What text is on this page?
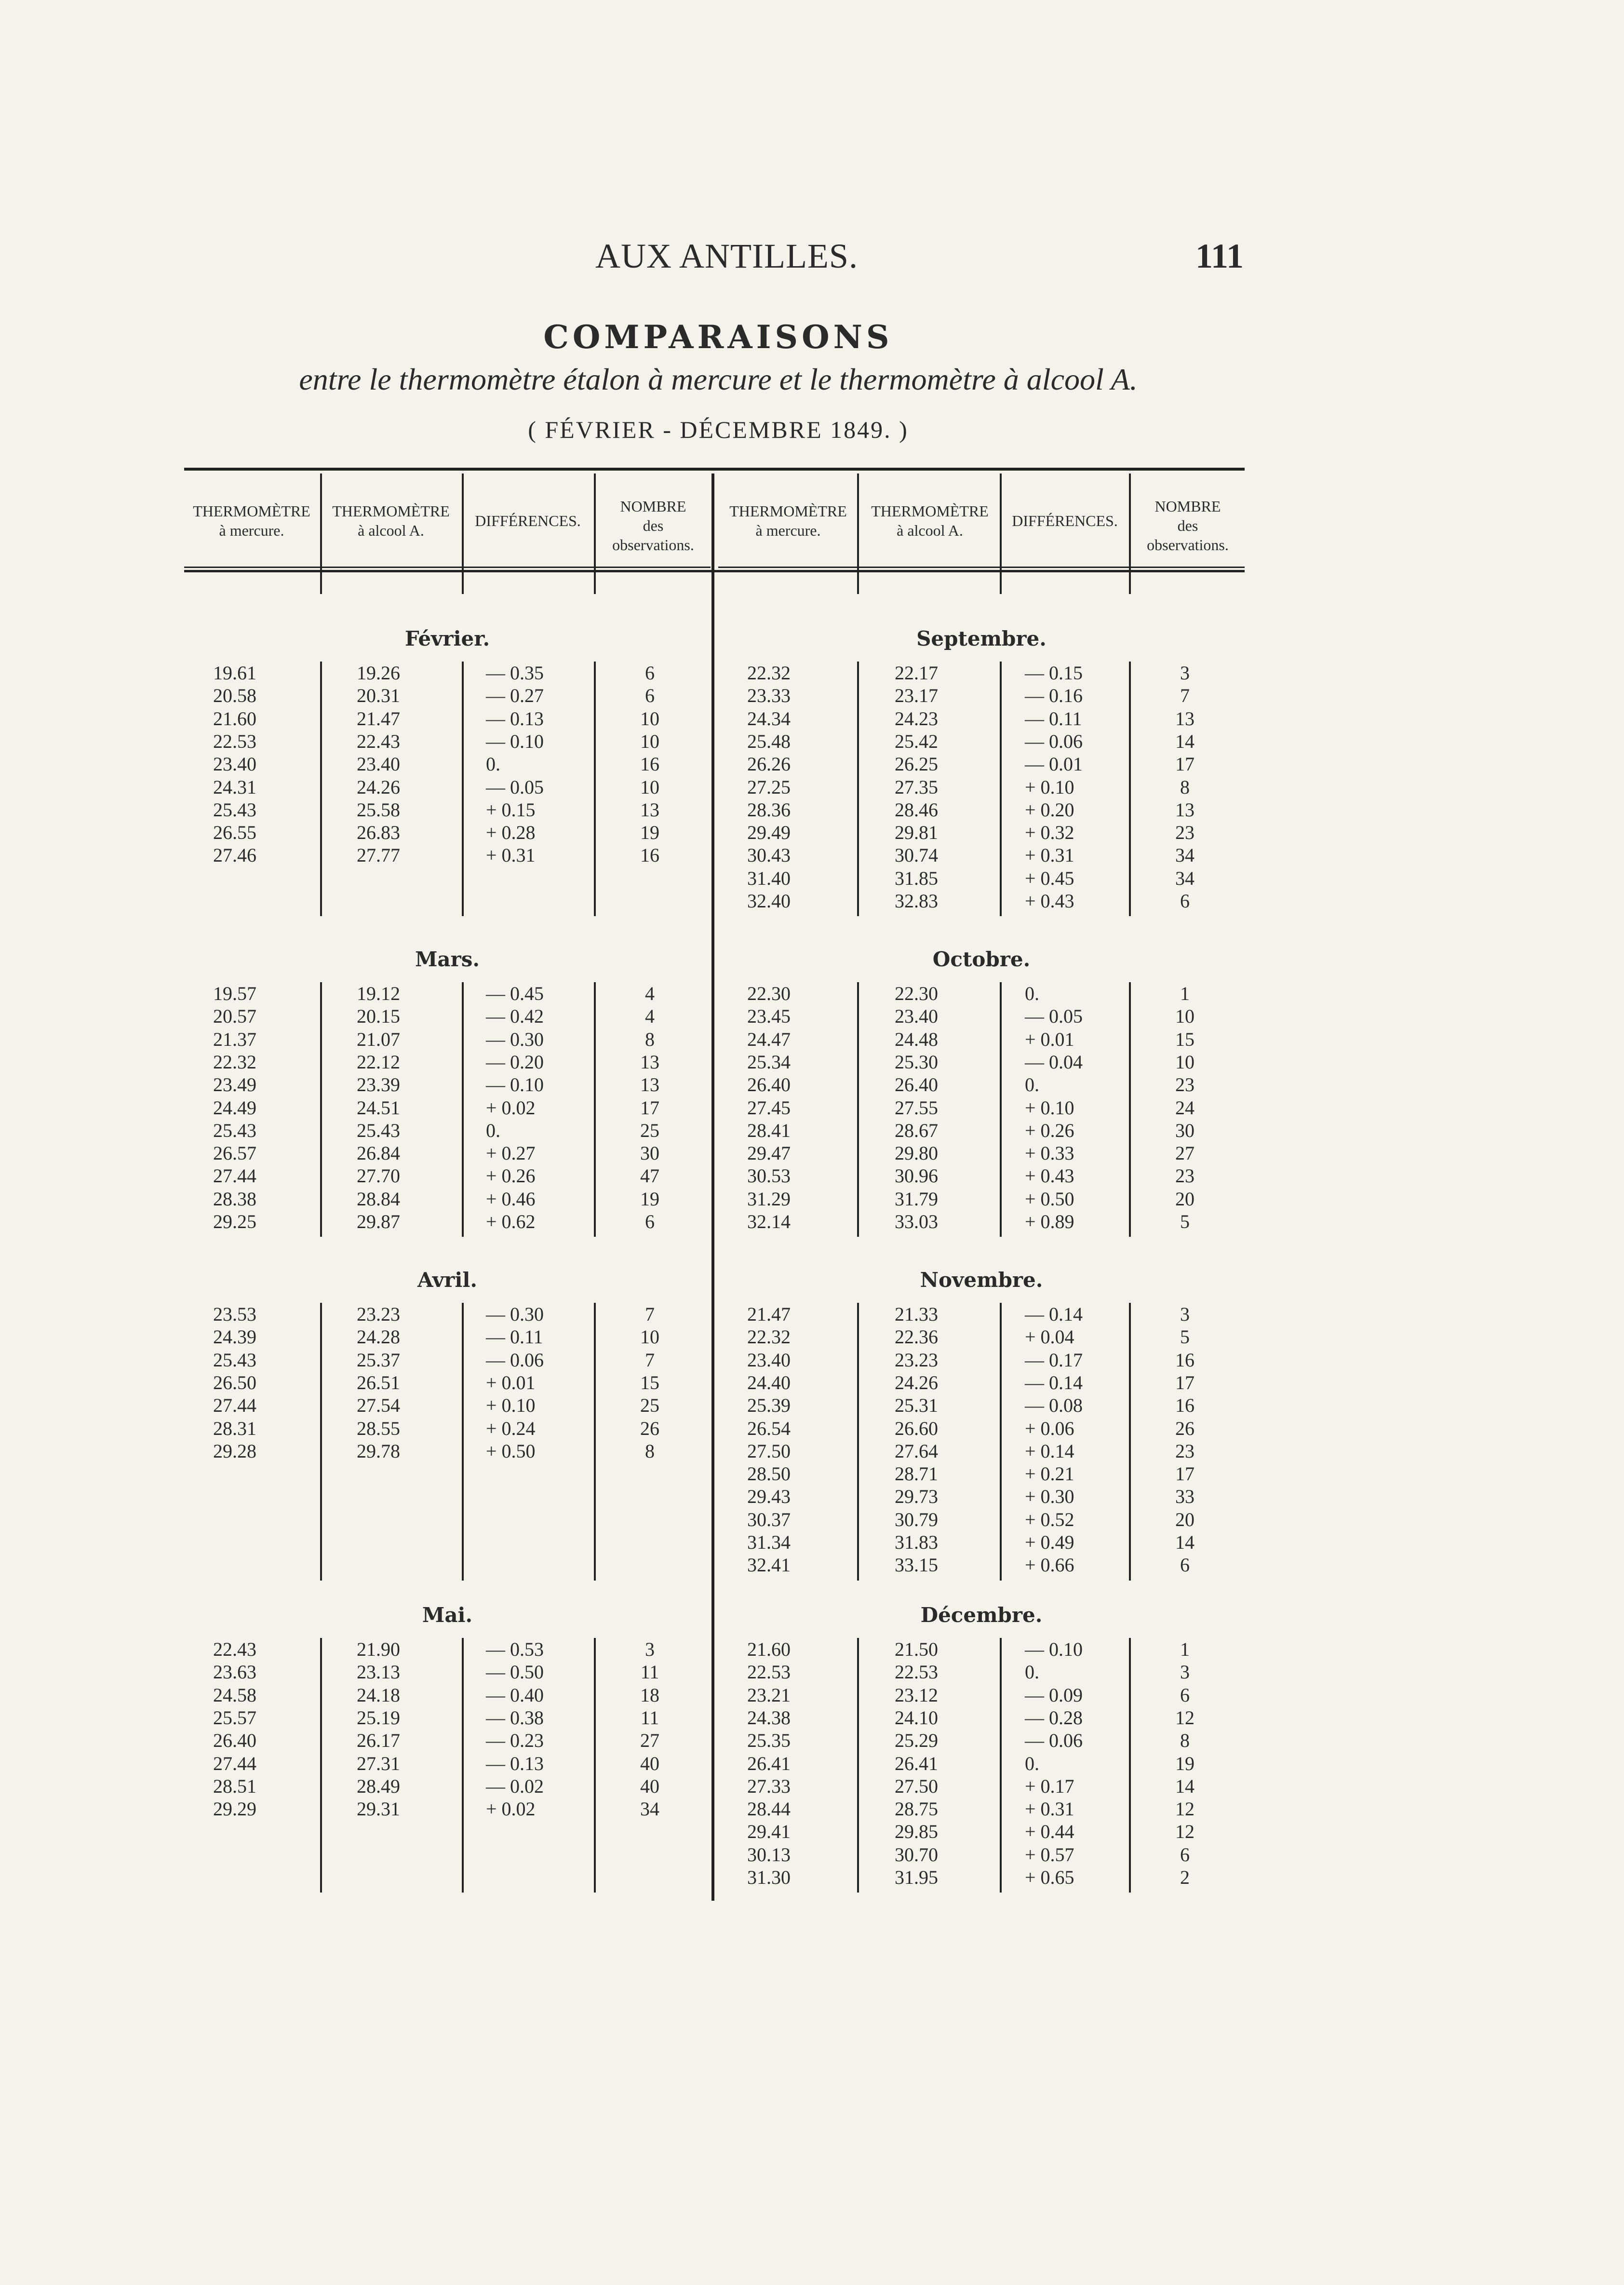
AUX ANTILLES.	111
COMPARAISONS
entre le thermomètre étalon à mercure et le thermomètre à alcool A.
( FÉVRIER - DÉCEMBRE 1849. )
THERMOMÈTRE
à mercure.
THERMOMÈTRE
à alcool A.
DIFFÉRENCES.
NOMBRE
des
observations.
THERMOMÈTRE
à mercure.
THERMOMÈTRE
à alcool A.
DIFFÉRENCES.
NOMBRE
des
observations.
Février.
19.61	19.26	— 0.35	6
20.58	20.31	— 0.27	6
21.60	21.47	— 0.13	10
22.53	22.43	— 0.10	10
23.40	23.40	0.	16
24.31	24.26	— 0.05	10
25.43	25.58	+ 0.15	13
26.55	26.83	+ 0.28	19
27.46	27.77	+ 0.31	16
Mars.
19.57	19.12	— 0.45	4
20.57	20.15	— 0.42	4
21.37	21.07	— 0.30	8
22.32	22.12	— 0.20	13
23.49	23.39	— 0.10	13
24.49	24.51	+ 0.02	17
25.43	25.43	0.	25
26.57	26.84	+ 0.27	30
27.44	27.70	+ 0.26	47
28.38	28.84	+ 0.46	19
29.25	29.87	+ 0.62	6
Avril.
23.53	23.23	— 0.30	7
24.39	24.28	— 0.11	10
25.43	25.37	— 0.06	7
26.50	26.51	+ 0.01	15
27.44	27.54	+ 0.10	25
28.31	28.55	+ 0.24	26
29.28	29.78	+ 0.50	8
Mai.
22.43	21.90	— 0.53	3
23.63	23.13	— 0.50	11
24.58	24.18	— 0.40	18
25.57	25.19	— 0.38	11
26.40	26.17	— 0.23	27
27.44	27.31	— 0.13	40
28.51	28.49	— 0.02	40
29.29	29.31	+ 0.02	34
Septembre.
22.32	22.17	— 0.15	3
23.33	23.17	— 0.16	7
24.34	24.23	— 0.11	13
25.48	25.42	— 0.06	14
26.26	26.25	— 0.01	17
27.25	27.35	+ 0.10	8
28.36	28.46	+ 0.20	13
29.49	29.81	+ 0.32	23
30.43	30.74	+ 0.31	34
31.40	31.85	+ 0.45	34
32.40	32.83	+ 0.43	6
Octobre.
22.30	22.30	0.	1
23.45	23.40	— 0.05	10
24.47	24.48	+ 0.01	15
25.34	25.30	— 0.04	10
26.40	26.40	0.	23
27.45	27.55	+ 0.10	24
28.41	28.67	+ 0.26	30
29.47	29.80	+ 0.33	27
30.53	30.96	+ 0.43	23
31.29	31.79	+ 0.50	20
32.14	33.03	+ 0.89	5
Novembre.
21.47	21.33	— 0.14	3
22.32	22.36	+ 0.04	5
23.40	23.23	— 0.17	16
24.40	24.26	— 0.14	17
25.39	25.31	— 0.08	16
26.54	26.60	+ 0.06	26
27.50	27.64	+ 0.14	23
28.50	28.71	+ 0.21	17
29.43	29.73	+ 0.30	33
30.37	30.79	+ 0.52	20
31.34	31.83	+ 0.49	14
32.41	33.15	+ 0.66	6
Décembre.
21.60	21.50	— 0.10	1
22.53	22.53	0.	3
23.21	23.12	— 0.09	6
24.38	24.10	— 0.28	12
25.35	25.29	— 0.06	8
26.41	26.41	0.	19
27.33	27.50	+ 0.17	14
28.44	28.75	+ 0.31	12
29.41	29.85	+ 0.44	12
30.13	30.70	+ 0.57	6
31.30	31.95	+ 0.65	2
